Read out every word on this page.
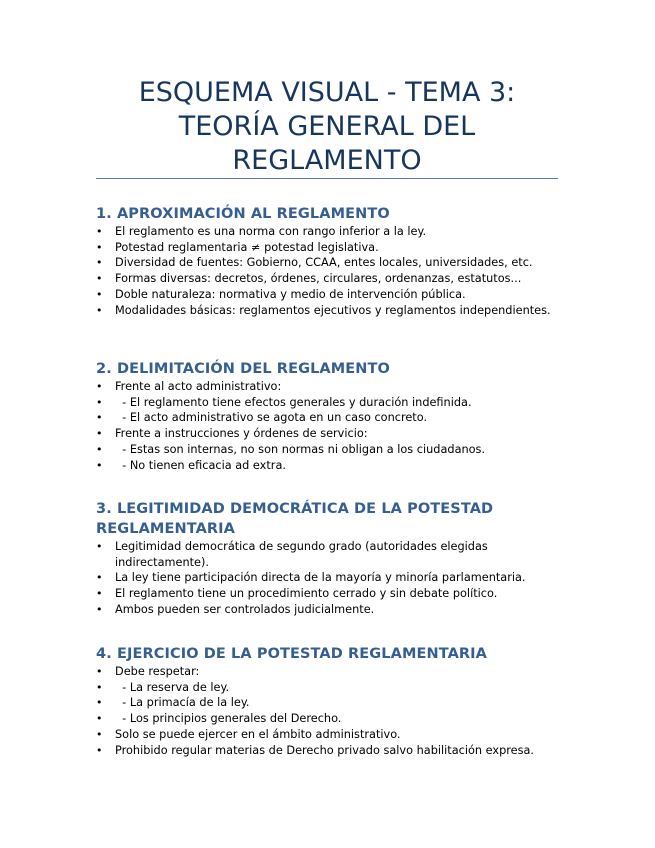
ESQUEMA VISUAL - TEMA 3: TEORÍA GENERAL DEL REGLAMENTO
1. APROXIMACIÓN AL REGLAMENTO
• El reglamento es una norma con rango inferior a la ley.
• Potestad reglamentaria ≠ potestad legislativa.
• Diversidad de fuentes: Gobierno, CCAA, entes locales, universidades, etc.
• Formas diversas: decretos, órdenes, circulares, ordenanzas, estatutos...
• Doble naturaleza: normativa y medio de intervención pública.
• Modalidades básicas: reglamentos ejecutivos y reglamentos independientes.
2. DELIMITACIÓN DEL REGLAMENTO
• Frente al acto administrativo:
• - El reglamento tiene efectos generales y duración indefinida.
• - El acto administrativo se agota en un caso concreto.
• Frente a instrucciones y órdenes de servicio:
• - Estas son internas, no son normas ni obligan a los ciudadanos.
• - No tienen eficacia ad extra.
3. LEGITIMIDAD DEMOCRÁTICA DE LA POTESTAD REGLAMENTARIA
• Legitimidad democrática de segundo grado (autoridades elegidas indirectamente).
• La ley tiene participación directa de la mayoría y minoría parlamentaria.
• El reglamento tiene un procedimiento cerrado y sin debate político.
• Ambos pueden ser controlados judicialmente.
4. EJERCICIO DE LA POTESTAD REGLAMENTARIA
• Debe respetar:
• - La reserva de ley.
• - La primacía de la ley.
• - Los principios generales del Derecho.
• Solo se puede ejercer en el ámbito administrativo.
• Prohibido regular materias de Derecho privado salvo habilitación expresa.
